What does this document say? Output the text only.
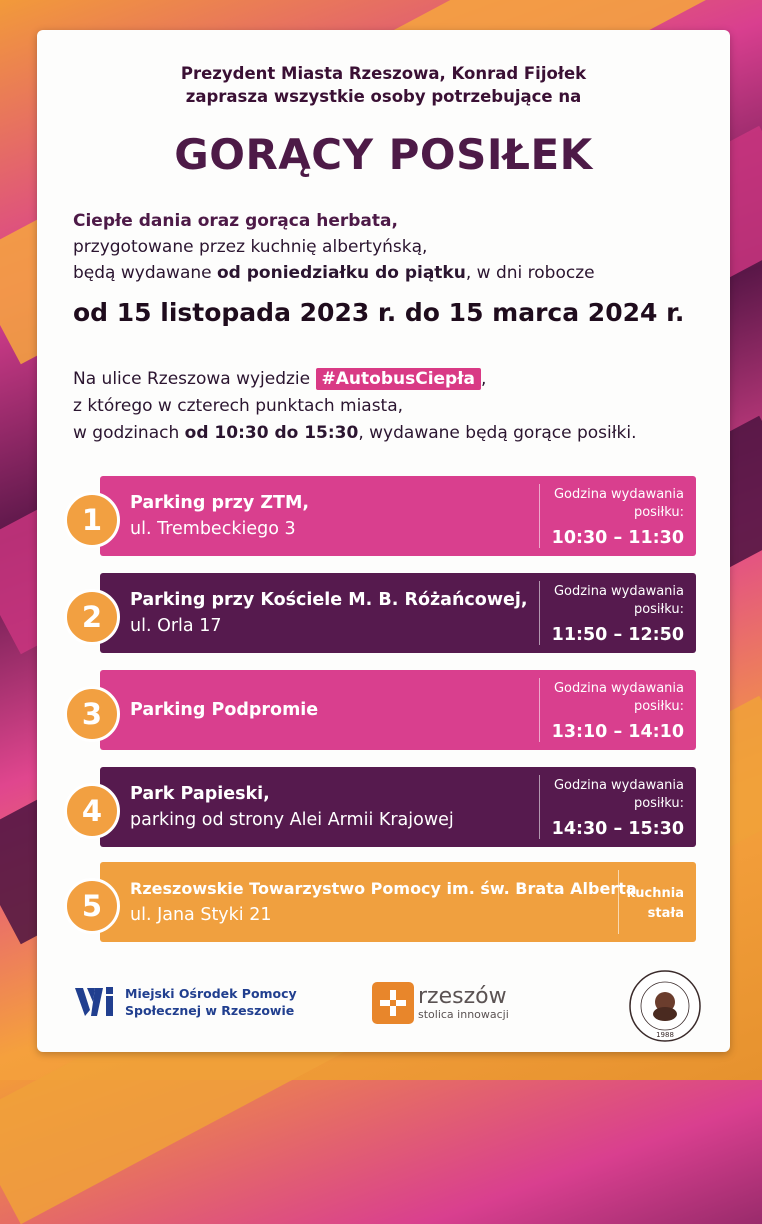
Prezydent Miasta Rzeszowa, Konrad Fijołek
zaprasza wszystkie osoby potrzebujące na
GORĄCY POSIŁEK
Ciepłe dania oraz gorąca herbata,
przygotowane przez kuchnię albertyńską,
będą wydawane od poniedziałku do piątku, w dni robocze
od 15 listopada 2023 r. do 15 marca 2024 r.
Na ulice Rzeszowa wyjedzie #AutobusCiepła ,
z którego w czterech punktach miasta,
w godzinach od 10:30 do 15:30, wydawane będą gorące posiłki.
1	Parking przy ZTM,
ul. Trembeckiego 3
Godzina wydawania posiłku:
10:30 – 11:30
2	Parking przy Kościele M. B. Różańcowej,
ul. Orla 17
Godzina wydawania posiłku:
11:50 – 12:50
3	Parking Podpromie
Godzina wydawania posiłku:
13:10 – 14:10
4	Park Papieski,
parking od strony Alei Armii Krajowej
Godzina wydawania posiłku:
14:30 – 15:30
5
Rzeszowskie Towarzystwo Pomocy im. św. Brata Alberta
ul. Jana Styki 21
kuchnia
stała
Miejski Ośrodek Pomocy
Społecznej w Rzeszowie
rzeszów
stolica innowacji
1988
